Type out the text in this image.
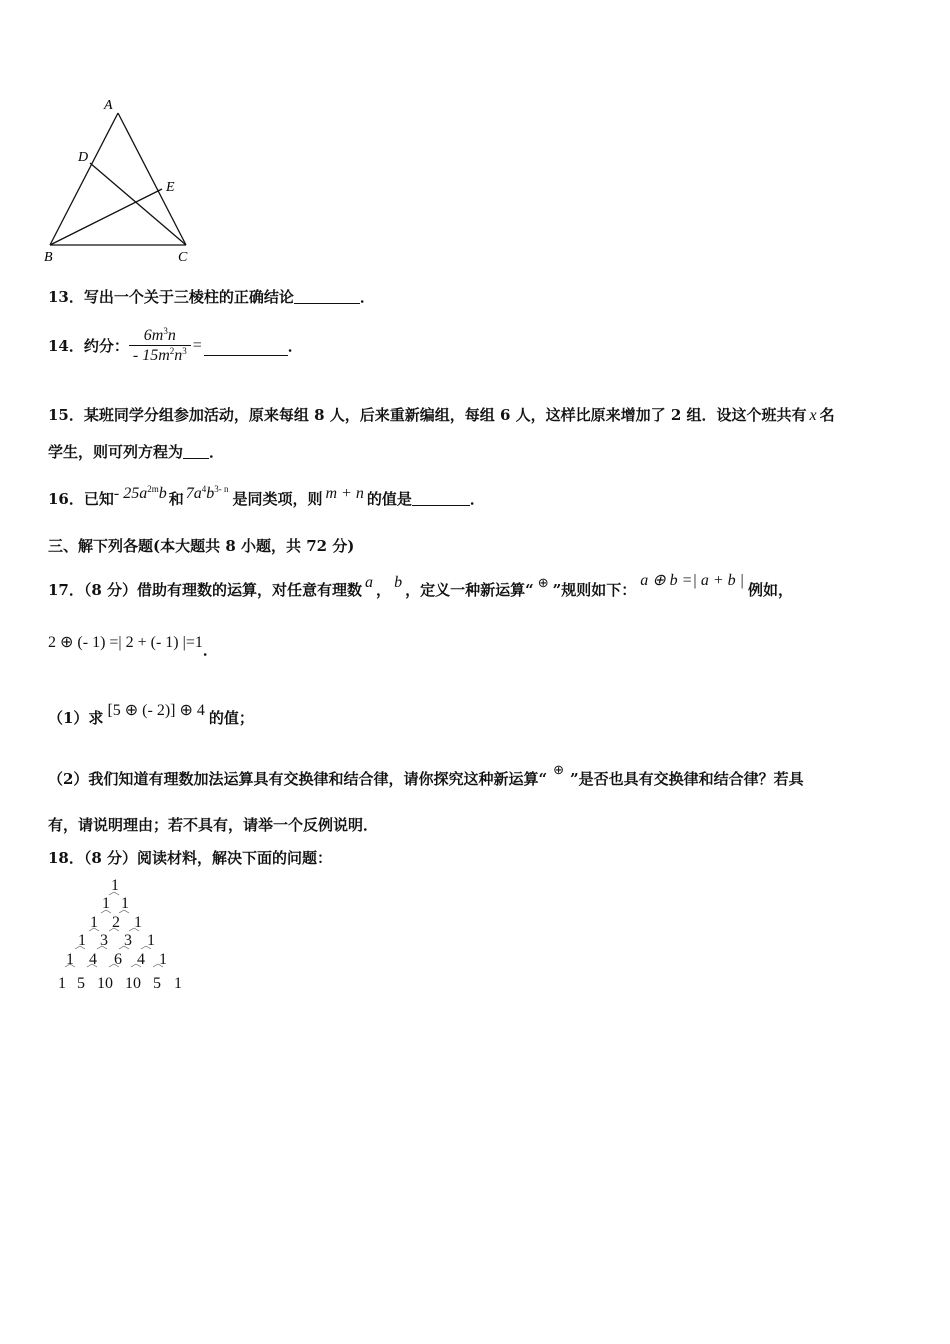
A
D
E
B	C
13．写出一个关于三棱柱的正确结论	．
14．约分： $\frac{6m^3n}{- 15m^2n^3}$ =	．
15．某班同学分组参加活动，原来每组 8 人，后来重新编组，每组 6 人，这样比原来增加了 2 组．设这个班共有 x 名
学生，则可列方程为 ．
16．已知- $25a^{2m}b$ 和 $7a^4b^{3- n}$是同类项，则 m + n 的值是	．
三、解下列各题(本大题共 8 小题，共 72 分)
17．（8 分）借助有理数的运算，对任意有理数 a ， b ，定义一种新运算“ ⊕ ”规则如下：a ⊕ b =| a + b |例如，
2 ⊕ (- 1) =| 2 + (- 1) |=1．
（1）求 [5 ⊕ (- 2)] ⊕ 4 的值；
（2）我们知道有理数加法运算具有交换律和结合律，请你探究这种新运算“⊕”是否也具有交换律和结合律？若具
有，请说明理由；若不具有，请举一个反例说明．
18．（8 分）阅读材料，解决下面的问题：
1
1 1
1 2 1
1 3 3 1
1 4 6 4 1
1 5 10 10 5 1
